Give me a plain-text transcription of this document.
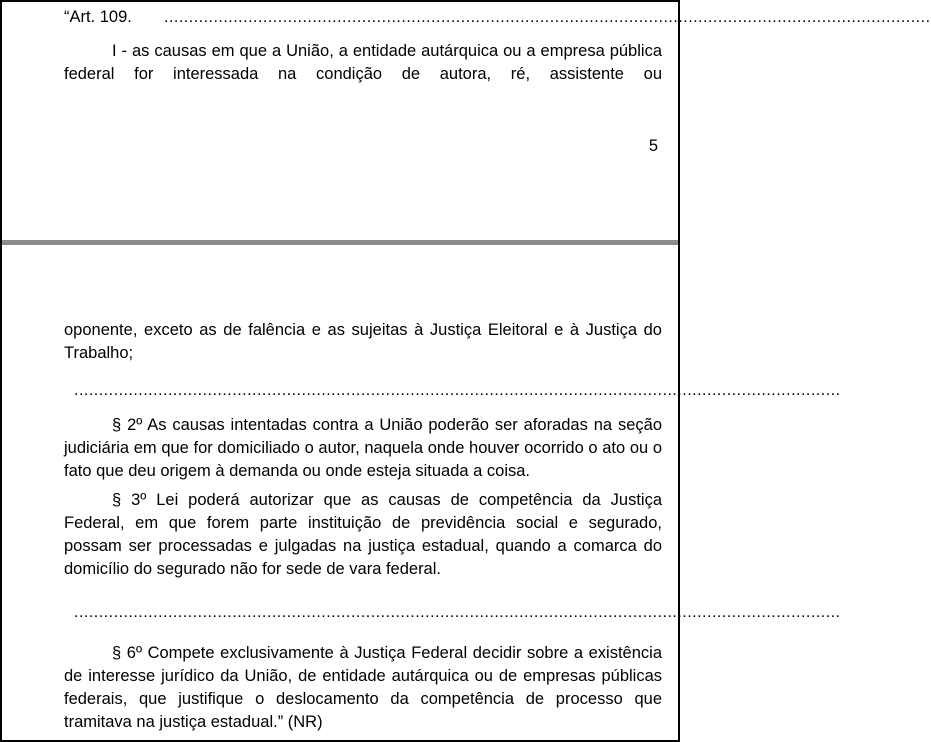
“Art. 109. ...........................................................................................................................................................

I - as causas em que a União, a entidade autárquica ou a empresa pública federal for interessada na condição de autora, ré, assistente ou

5

oponente, exceto as de falência e as sujeitas à Justiça Eleitoral e à Justiça do Trabalho;

...........................................................................................................................................................

§ 2º As causas intentadas contra a União poderão ser aforadas na seção judiciária em que for domiciliado o autor, naquela onde houver ocorrido o ato ou o fato que deu origem à demanda ou onde esteja situada a coisa.

§ 3º Lei poderá autorizar que as causas de competência da Justiça Federal, em que forem parte instituição de previdência social e segurado, possam ser processadas e julgadas na justiça estadual, quando a comarca do domicílio do segurado não for sede de vara federal.

...........................................................................................................................................................

§ 6º Compete exclusivamente à Justiça Federal decidir sobre a existência de interesse jurídico da União, de entidade autárquica ou de empresas públicas federais, que justifique o deslocamento da competência de processo que tramitava na justiça estadual.” (NR)
